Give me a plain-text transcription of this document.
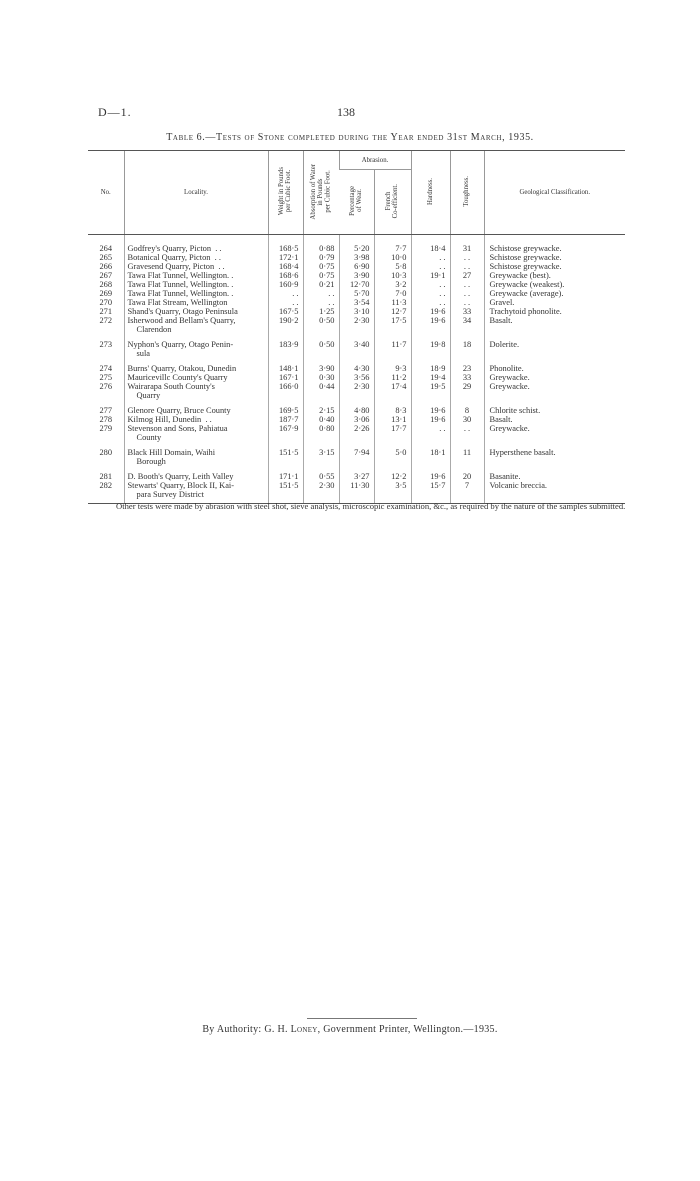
D—1.	138
Table 6.—Tests of Stone completed during the Year ended 31st March, 1935.
No.	Locality.	Weight in Pounds
per Cubic Foot.	Absorption of Water
in Pounds
per Cubic Foot.	Abrasion.		Hardness.	Toughness.	Geological Classification.
				Percentage
of Wear.	French
Co-efficient.			

264	Godfrey's Quarry, Picton  . .	168·5	0·88	5·20	7·7	18·4	31	Schistose greywacke.
265	Botanical Quarry, Picton  . .	172·1	0·79	3·98	10·0	. .	. .	Schistose greywacke.
266	Gravesend Quarry, Picton  . .	168·4	0·75	6·90	5·8	. .	. .	Schistose greywacke.
267	Tawa Flat Tunnel, Wellington. .	168·6	0·75	3·90	10·3	19·1	27	Greywacke (best).
268	Tawa Flat Tunnel, Wellington. .	160·9	0·21	12·70	3·2	. .	. .	Greywacke (weakest).
269	Tawa Flat Tunnel, Wellington. .	. .	. .	5·70	7·0	. .	. .	Greywacke (average).
270	Tawa Flat Stream, Wellington	. .	. .	3·54	11·3	. .	. .	Gravel.
271	Shand's Quarry, Otago Peninsula	167·5	1·25	3·10	12·7	19·6	33	Trachytoid phonolite.
272	Isherwood and Bellam's Quarry,
Clarendon	190·2	0·50	2·30	17·5	19·6	34	Basalt.
273	Nyphon's Quarry, Otago Penin-
sula	183·9	0·50	3·40	11·7	19·8	18	Dolerite.
274	Burns' Quarry, Otakou, Dunedin	148·1	3·90	4·30	9·3	18·9	23	Phonolite.
275	Mauricevillc County's Quarry	167·1	0·30	3·56	11·2	19·4	33	Greywacke.
276	Wairarapa South County's
Quarry	166·0	0·44	2·30	17·4	19·5	29	Greywacke.
277	Glenore Quarry, Bruce County	169·5	2·15	4·80	8·3	19·6	8	Chlorite schist.
278	Kilmog Hill, Dunedin  . .	187·7	0·40	3·06	13·1	19·6	30	Basalt.
279	Stevenson and Sons, Pahiatua
County	167·9	0·80	2·26	17·7	. .	. .	Greywacke.
280	Black Hill Domain, Waihi
Borough	151·5	3·15	7·94	5·0	18·1	11	Hypersthene basalt.
281	D. Booth's Quarry, Leith Valley	171·1	0·55	3·27	12·2	19·6	20	Basanite.
282	Stewarts' Quarry, Block II, Kai-
para Survey District	151·5	2·30	11·30	3·5	15·7	7	Volcanic breccia.
Other tests were made by abrasion with steel shot, sieve analysis, microscopic examination, &c., as required by the nature of the samples submitted.
By Authority: G. H. Loney, Government Printer, Wellington.—1935.
